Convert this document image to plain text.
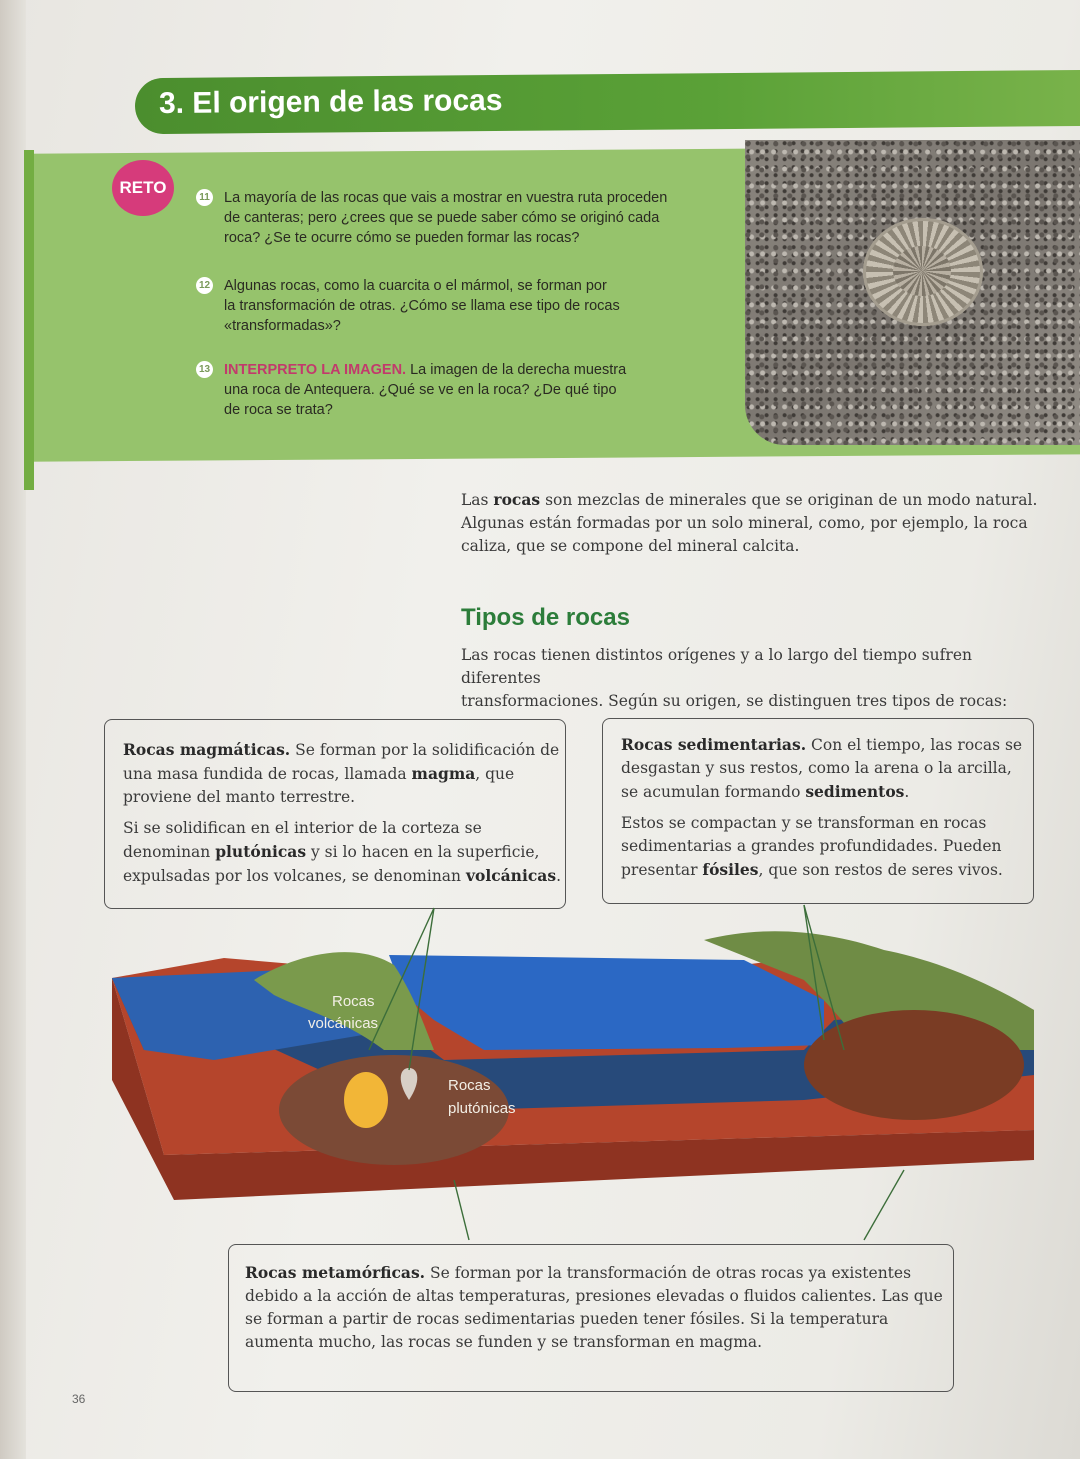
3. El origen de las rocas
RETO
11 La mayoría de las rocas que vais a mostrar en vuestra ruta proceden
de canteras; pero ¿crees que se puede saber cómo se originó cada
roca? ¿Se te ocurre cómo se pueden formar las rocas?
12 Algunas rocas, como la cuarcita o el mármol, se forman por
la transformación de otras. ¿Cómo se llama ese tipo de rocas
«transformadas»?
13 INTERPRETO LA IMAGEN. La imagen de la derecha muestra
una roca de Antequera. ¿Qué se ve en la roca? ¿De qué tipo
de roca se trata?
Las rocas son mezclas de minerales que se originan de un modo natural.
Algunas están formadas por un solo mineral, como, por ejemplo, la roca
caliza, que se compone del mineral calcita.
Tipos de rocas
Las rocas tienen distintos orígenes y a lo largo del tiempo sufren diferentes
transformaciones. Según su origen, se distinguen tres tipos de rocas:

Rocas magmáticas. Se forman por la solidificación de
una masa fundida de rocas, llamada magma, que
proviene del manto terrestre.

Si se solidifican en el interior de la corteza se
denominan plutónicas y si lo hacen en la superficie,
expulsadas por los volcanes, se denominan volcánicas.

Rocas sedimentarias. Con el tiempo, las rocas se
desgastan y sus restos, como la arena o la arcilla,
se acumulan formando sedimentos.

Estos se compactan y se transforman en rocas
sedimentarias a grandes profundidades. Pueden
presentar fósiles, que son restos de seres vivos.

Rocas
volcánicas
Rocas
plutónicas
Rocas metamórficas. Se forman por la transformación de otras rocas ya existentes
debido a la acción de altas temperaturas, presiones elevadas o fluidos calientes. Las que
se forman a partir de rocas sedimentarias pueden tener fósiles. Si la temperatura
aumenta mucho, las rocas se funden y se transforman en magma.
36
